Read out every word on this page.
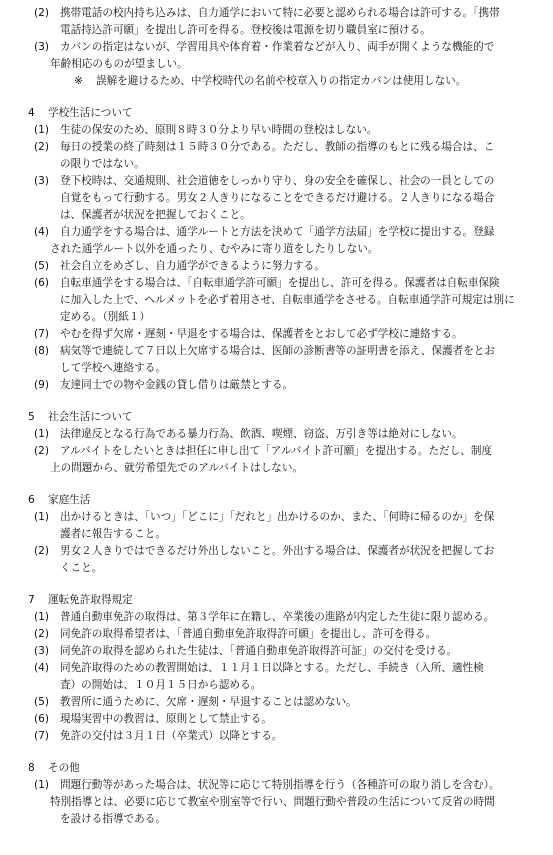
(2) 携帯電話の校内持ち込みは、自力通学において特に必要と認められる場合は許可する。「携帯
電話持込許可願」を提出し許可を得る。登校後は電源を切り職員室に預ける。
(3) カバンの指定はないが、学習用具や体育着・作業着などが入り、両手が開くような機能的で
年齢相応のものが望ましい。
※ 誤解を避けるため、中学校時代の名前や校章入りの指定カバンは使用しない。
4 学校生活について
(1) 生徒の保安のため、原則８時３０分より早い時間の登校はしない。
(2) 毎日の授業の終了時刻は１５時３０分である。ただし、教師の指導のもとに残る場合は、こ
の限りではない。
(3) 登下校時は、交通規則、社会道徳をしっかり守り、身の安全を確保し、社会の一員としての
自覚をもって行動する。男女２人きりになることをできるだけ避ける。２人きりになる場合
は、保護者が状況を把握しておくこと。
(4) 自力通学をする場合は、通学ルートと方法を決めて「通学方法届」を学校に提出する。登録
された通学ルート以外を通ったり、むやみに寄り道をしたりしない。
(5) 社会自立をめざし、自力通学ができるように努力する。
(6) 自転車通学をする場合は、「自転車通学許可願」を提出し、許可を得る。保護者は自転車保険
に加入した上で、ヘルメットを必ず着用させ、自転車通学をさせる。自転車通学許可規定は別に
定める。（別紙１）
(7) やむを得ず欠席・遅刻・早退をする場合は、保護者をとおして必ず学校に連絡する。
(8) 病気等で連続して７日以上欠席する場合は、医師の診断書等の証明書を添え、保護者をとお
して学校へ連絡する。
(9) 友達同士での物や金銭の貸し借りは厳禁とする。
5 社会生活について
(1) 法律違反となる行為である暴力行為、飲酒、喫煙、窃盗、万引き等は絶対にしない。
(2) アルバイトをしたいときは担任に申し出て「アルバイト許可願」を提出する。ただし、制度
上の問題から、就労希望先でのアルバイトはしない。
6 家庭生活
(1) 出かけるときは、「いつ」「どこに」「だれと」出かけるのか、また、「何時に帰るのか」を保
護者に報告すること。
(2) 男女２人きりではできるだけ外出しないこと。外出する場合は、保護者が状況を把握してお
くこと。
7 運転免許取得規定
(1) 普通自動車免許の取得は、第３学年に在籍し、卒業後の進路が内定した生徒に限り認める。
(2) 同免許の取得希望者は、「普通自動車免許取得許可願」を提出し、許可を得る。
(3) 同免許の取得を認められた生徒は、「普通自動車免許取得許可証」の交付を受ける。
(4) 同免許取得のための教習開始は、１１月１日以降とする。ただし、手続き（入所、適性検
査）の開始は、１０月１５日から認める。
(5) 教習所に通うために、欠席・遅刻・早退することは認めない。
(6) 現場実習中の教習は、原則として禁止する。
(7) 免許の交付は３月１日（卒業式）以降とする。
8 その他
(1) 問題行動等があった場合は、状況等に応じて特別指導を行う（各種許可の取り消しを含む）。
特別指導とは、必要に応じて教室や別室等で行い、問題行動や普段の生活について反省の時間
を設ける指導である。
